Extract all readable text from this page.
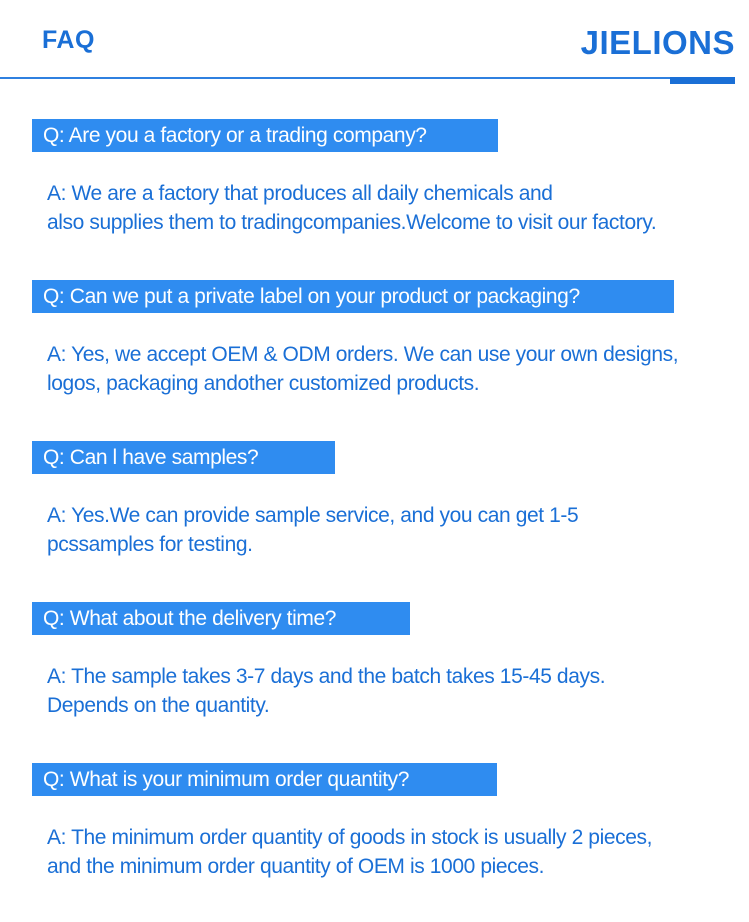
FAQ	JIELIONS
Q: Are you a factory or a trading company?
A: We are a factory that produces all daily chemicals and
also supplies them to tradingcompanies.Welcome to visit our factory.
Q: Can we put a private label on your product or packaging?
A: Yes, we accept OEM & ODM orders. We can use your own designs,
logos, packaging andother customized products.
Q: Can l have samples?
A: Yes.We can provide sample service, and you can get 1-5
pcssamples for testing.
Q: What about the delivery time?
A: The sample takes 3-7 days and the batch takes 15-45 days.
Depends on the quantity.
Q: What is your minimum order quantity?
A: The minimum order quantity of goods in stock is usually 2 pieces,
and the minimum order quantity of OEM is 1000 pieces.
